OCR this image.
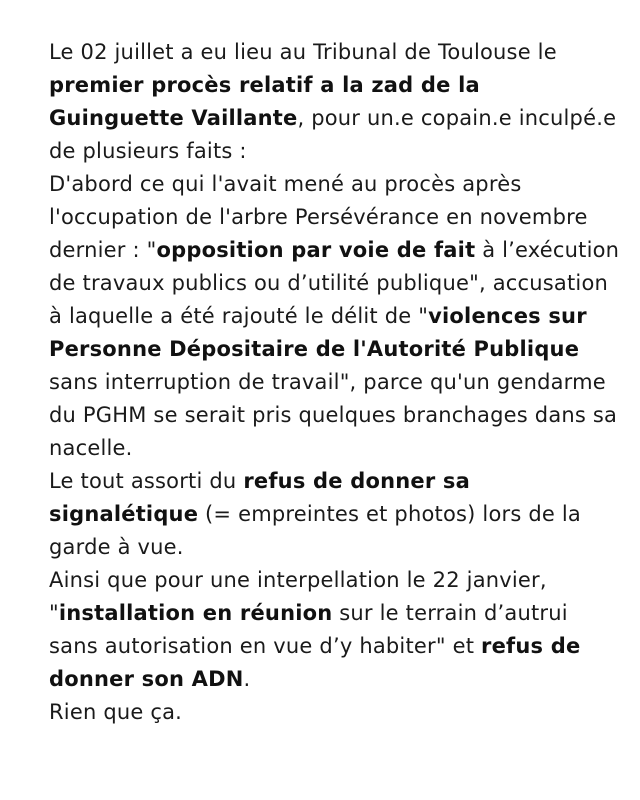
Le 02 juillet a eu lieu au Tribunal de Toulouse le premier procès relatif a la zad de la Guinguette Vaillante, pour un.e copain.e inculpé.e de plusieurs faits :

D'abord ce qui l'avait mené au procès après l'occupation de l'arbre Persévérance en novembre dernier : "opposition par voie de fait à l’exécution de travaux publics ou d’utilité publique", accusation à laquelle a été rajouté le délit de "violences sur Personne Dépositaire de l'Autorité Publique sans interruption de travail", parce qu'un gendarme du PGHM se serait pris quelques branchages dans sa nacelle.

Le tout assorti du refus de donner sa signalétique (= empreintes et photos) lors de la garde à vue.

Ainsi que pour une interpellation le 22 janvier, "installation en réunion sur le terrain d’autrui sans autorisation en vue d’y habiter" et refus de donner son ADN.

Rien que ça.
